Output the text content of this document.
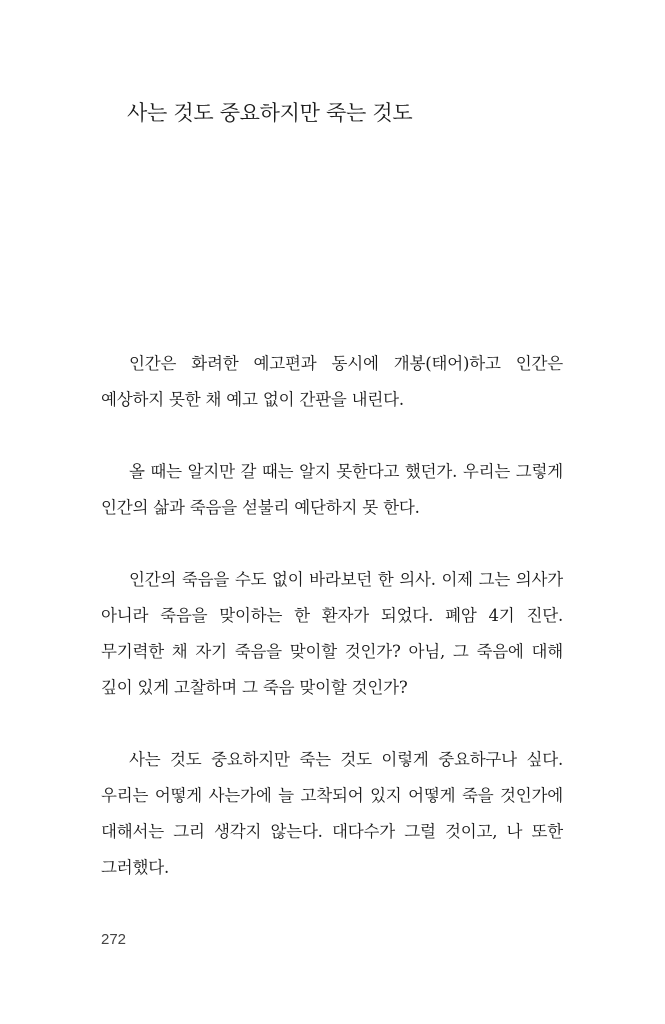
사는 것도 중요하지만 죽는 것도

인간은 화려한 예고편과 동시에 개봉(태어)하고 인간은 예상하지 못한 채 예고 없이 간판을 내린다.

올 때는 알지만 갈 때는 알지 못한다고 했던가. 우리는 그렇게 인간의 삶과 죽음을 섣불리 예단하지 못 한다.

인간의 죽음을 수도 없이 바라보던 한 의사. 이제 그는 의사가 아니라 죽음을 맞이하는 한 환자가 되었다. 폐암 4기 진단. 무기력한 채 자기 죽음을 맞이할 것인가? 아님, 그 죽음에 대해 깊이 있게 고찰하며 그 죽음 맞이할 것인가?

사는 것도 중요하지만 죽는 것도 이렇게 중요하구나 싶다. 우리는 어떻게 사는가에 늘 고착되어 있지 어떻게 죽을 것인가에 대해서는 그리 생각지 않는다. 대다수가 그럴 것이고, 나 또한 그러했다.

272
